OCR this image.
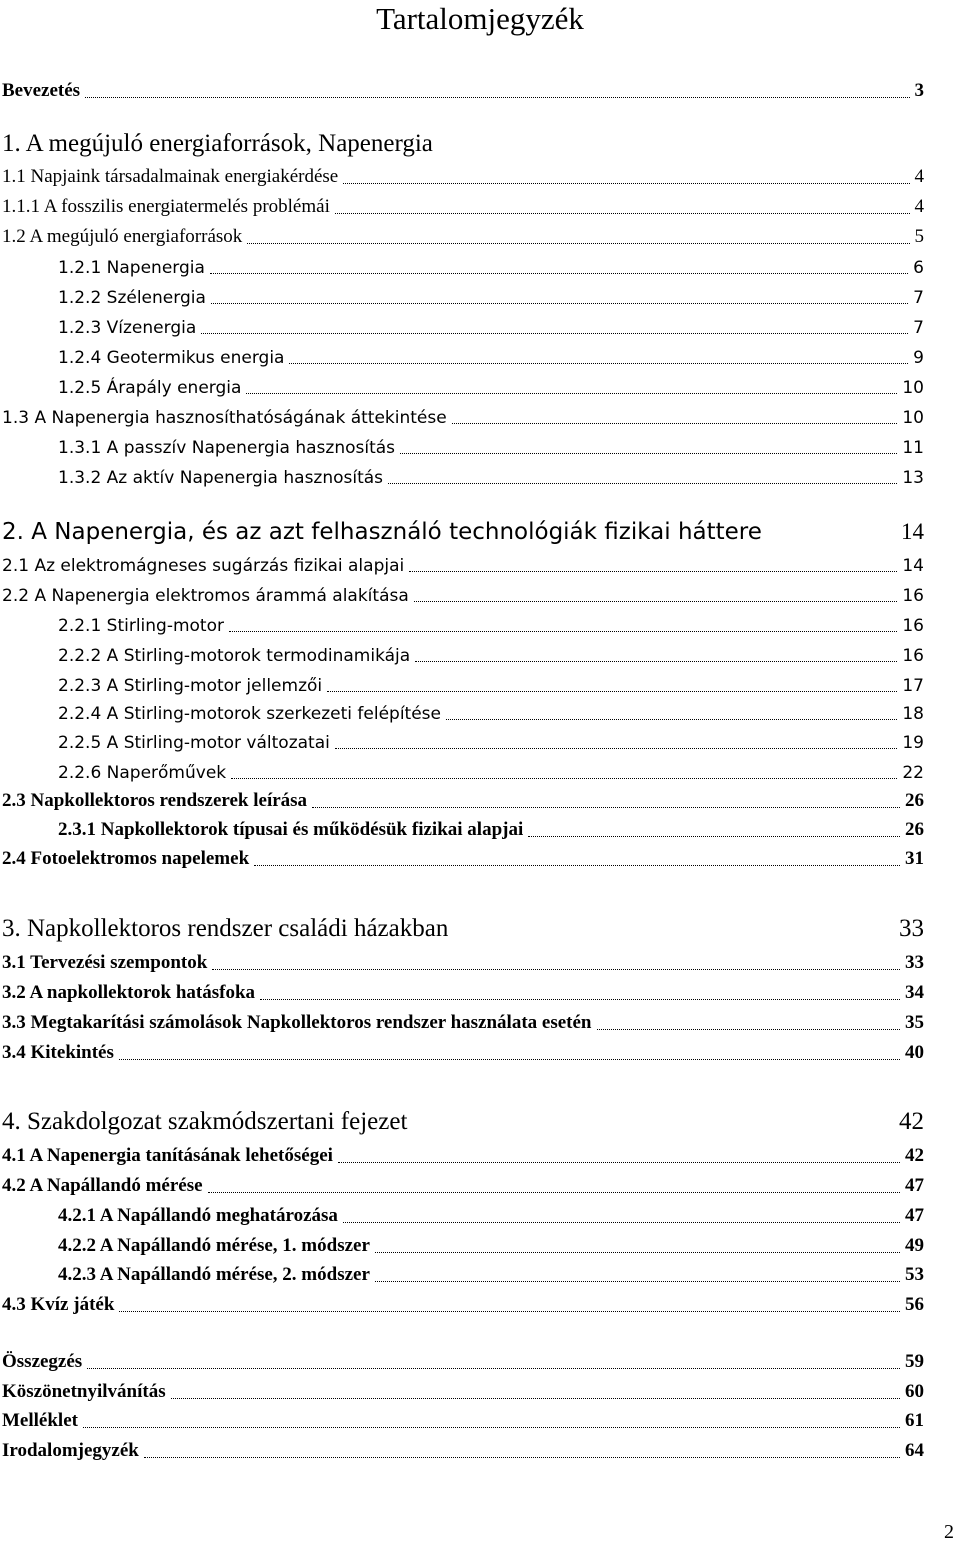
Tartalomjegyzék
Bevezetés	3
1. A megújuló energiaforrások, Napenergia
1.1 Napjaink társadalmainak energiakérdése	4
1.1.1 A fosszilis energiatermelés problémái	4
1.2 A megújuló energiaforrások	5
1.2.1 Napenergia	6
1.2.2 Szélenergia	7
1.2.3 Vízenergia	7
1.2.4 Geotermikus energia	9
1.2.5 Árapály energia	10
1.3 A Napenergia hasznosíthatóságának áttekintése	10
1.3.1 A passzív Napenergia hasznosítás	11
1.3.2 Az aktív Napenergia hasznosítás	13
2. A Napenergia, és az azt felhasználó technológiák fizikai háttere	14
2.1 Az elektromágneses sugárzás fizikai alapjai	14
2.2 A Napenergia elektromos árammá alakítása	16
2.2.1 Stirling-motor	16
2.2.2 A Stirling-motorok termodinamikája	16
2.2.3 A Stirling-motor jellemzői	17
2.2.4 A Stirling-motorok szerkezeti felépítése	18
2.2.5 A Stirling-motor változatai	19
2.2.6 Naperőművek	22
2.3 Napkollektoros rendszerek leírása	26
2.3.1 Napkollektorok típusai és működésük fizikai alapjai	26
2.4 Fotoelektromos napelemek	31
3. Napkollektoros rendszer családi házakban	33
3.1 Tervezési szempontok	33
3.2 A napkollektorok hatásfoka	34
3.3 Megtakarítási számolások Napkollektoros rendszer használata esetén	35
3.4 Kitekintés	40
4. Szakdolgozat szakmódszertani fejezet	42
4.1 A Napenergia tanításának lehetőségei	42
4.2 A Napállandó mérése	47
4.2.1 A Napállandó meghatározása	47
4.2.2 A Napállandó mérése, 1. módszer	49
4.2.3 A Napállandó mérése, 2. módszer	53
4.3 Kvíz játék	56
Összegzés	59
Köszönetnyilvánítás	60
Melléklet	61
Irodalomjegyzék	64
2
